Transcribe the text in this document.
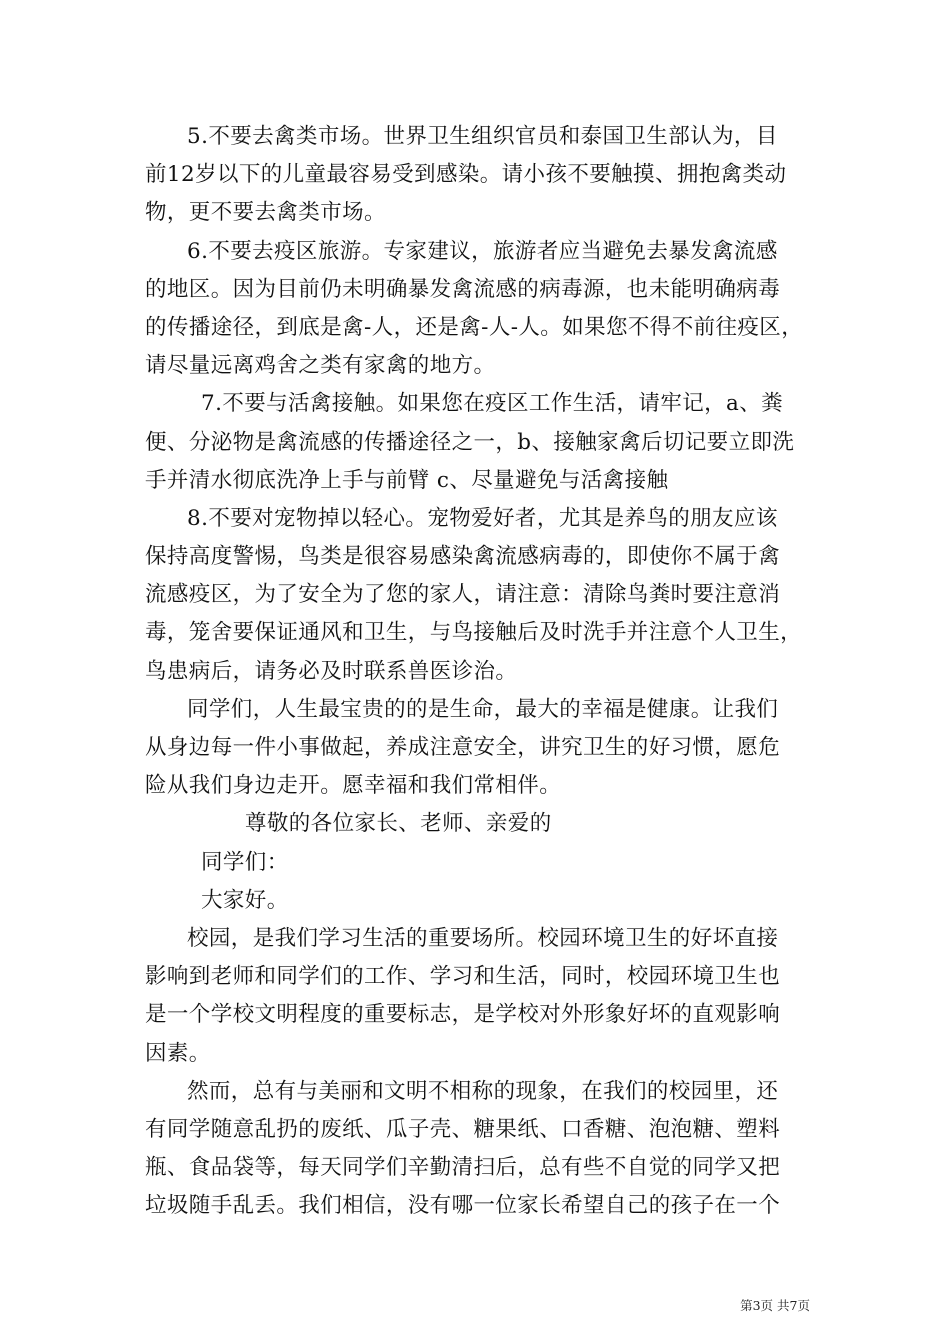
5.不要去禽类市场。世界卫生组织官员和泰国卫生部认为，目
前12岁以下的儿童最容易受到感染。请小孩不要触摸、拥抱禽类动
物，更不要去禽类市场。
6.不要去疫区旅游。专家建议，旅游者应当避免去暴发禽流感
的地区。因为目前仍未明确暴发禽流感的病毒源，也未能明确病毒
的传播途径，到底是禽-人，还是禽-人-人。如果您不得不前往疫区，
请尽量远离鸡舍之类有家禽的地方。
7.不要与活禽接触。如果您在疫区工作生活，请牢记，a、粪
便、分泌物是禽流感的传播途径之一，b、接触家禽后切记要立即洗
手并清水彻底洗净上手与前臂 c、尽量避免与活禽接触
8.不要对宠物掉以轻心。宠物爱好者，尤其是养鸟的朋友应该
保持高度警惕，鸟类是很容易感染禽流感病毒的，即使你不属于禽
流感疫区，为了安全为了您的家人，请注意：清除鸟粪时要注意消
毒，笼舍要保证通风和卫生，与鸟接触后及时洗手并注意个人卫生，
鸟患病后，请务必及时联系兽医诊治。
同学们，人生最宝贵的的是生命，最大的幸福是健康。让我们
从身边每一件小事做起，养成注意安全，讲究卫生的好习惯，愿危
险从我们身边走开。愿幸福和我们常相伴。
尊敬的各位家长、老师、亲爱的
同学们：
大家好。
校园，是我们学习生活的重要场所。校园环境卫生的好坏直接
影响到老师和同学们的工作、学习和生活，同时，校园环境卫生也
是一个学校文明程度的重要标志，是学校对外形象好坏的直观影响
因素。
然而，总有与美丽和文明不相称的现象，在我们的校园里，还
有同学随意乱扔的废纸、瓜子壳、糖果纸、口香糖、泡泡糖、塑料
瓶、食品袋等，每天同学们辛勤清扫后，总有些不自觉的同学又把
垃圾随手乱丢。我们相信，没有哪一位家长希望自己的孩子在一个
第3页 共7页
